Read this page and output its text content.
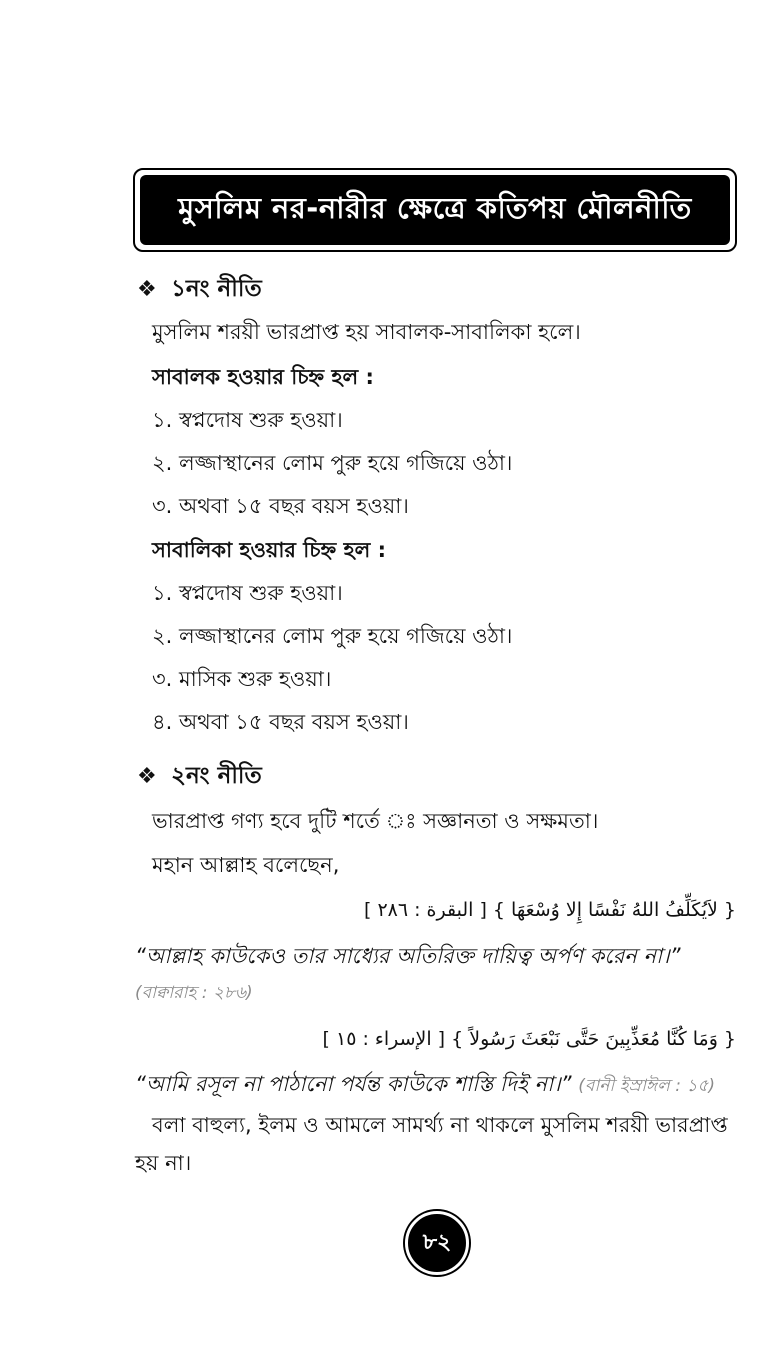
মুসলিম নর-নারীর ক্ষেত্রে কতিপয় মৌলনীতি
❖ ১নং নীতি
মুসলিম শরয়ী ভারপ্রাপ্ত হয় সাবালক-সাবালিকা হলে।
সাবালক হওয়ার চিহ্ন হল :
১. স্বপ্নদোষ শুরু হওয়া।
২. লজ্জাস্থানের লোম পুরু হয়ে গজিয়ে ওঠা।
৩. অথবা ১৫ বছর বয়স হওয়া।
সাবালিকা হওয়ার চিহ্ন হল :
১. স্বপ্নদোষ শুরু হওয়া।
২. লজ্জাস্থানের লোম পুরু হয়ে গজিয়ে ওঠা।
৩. মাসিক শুরু হওয়া।
৪. অথবা ১৫ বছর বয়স হওয়া।
❖ ২নং নীতি
ভারপ্রাপ্ত গণ্য হবে দুটি শর্তে ঃ সজ্ঞানতা ও সক্ষমতা।
মহান আল্লাহ বলেছেন,
{ لاَيُكَلِّفُ اللهُ نَفْسًا إِلا وُسْعَهَا } [ البقرة : ٢٨٦ ]
“আল্লাহ কাউকেও তার সাধ্যের অতিরিক্ত দায়িত্ব অর্পণ করেন না।”
(বাক্বারাহ : ২৮৬)
{ وَمَا كُنَّا مُعَذِّبِينَ حَتَّى نَبْعَثَ رَسُولاً } [ الإسراء : ١٥ ]
“আমি রসূল না পাঠানো পর্যন্ত কাউকে শাস্তি দিই না।” (বানী ইস্রাঈল : ১৫)
বলা বাহুল্য, ইলম ও আমলে সামর্থ্য না থাকলে মুসলিম শরয়ী ভারপ্রাপ্ত
হয় না।
৮২
